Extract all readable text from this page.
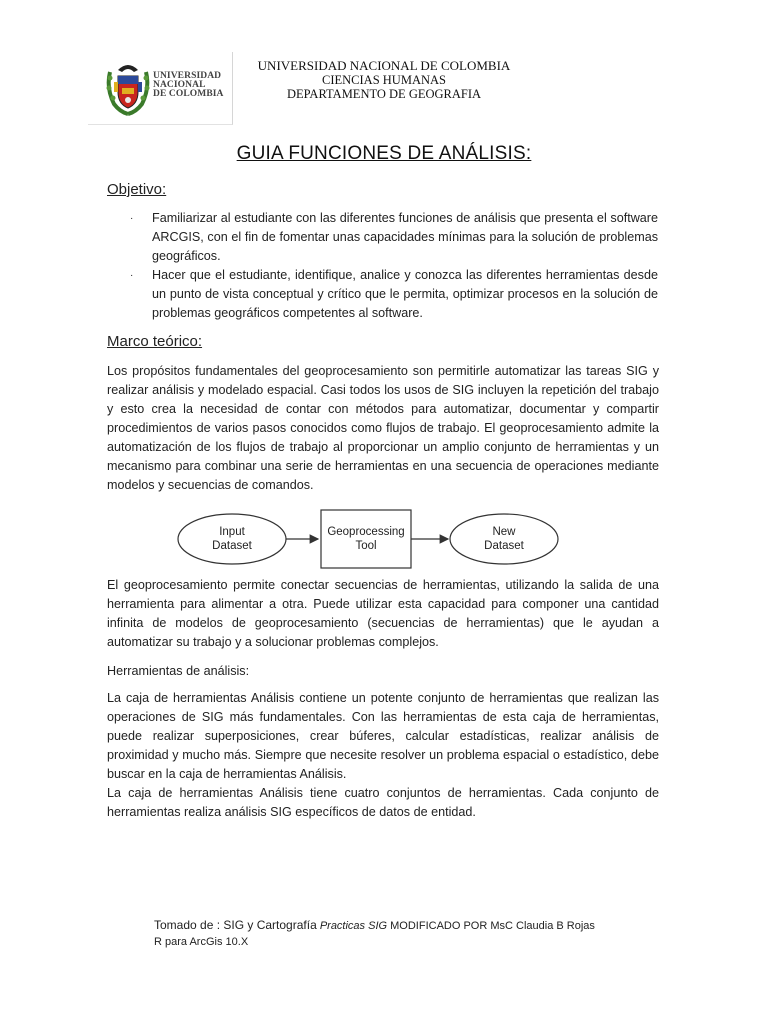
UNIVERSIDAD
NACIONAL
DE COLOMBIA
UNIVERSIDAD NACIONAL DE COLOMBIA
CIENCIAS HUMANAS
DEPARTAMENTO DE GEOGRAFIA
GUIA FUNCIONES DE ANÁLISIS:
Objetivo:
· Familiarizar al estudiante con las diferentes funciones de análisis que presenta el software ARCGIS, con el fin de fomentar unas capacidades mínimas para la solución de problemas geográficos.
· Hacer que el estudiante, identifique, analice y conozca las diferentes herramientas desde un punto de vista conceptual y crítico que le permita, optimizar procesos en la solución de problemas geográficos competentes al software.
Marco teórico:
Los propósitos fundamentales del geoprocesamiento son permitirle automatizar las tareas SIG y realizar análisis y modelado espacial. Casi todos los usos de SIG incluyen la repetición del trabajo y esto crea la necesidad de contar con métodos para automatizar, documentar y compartir procedimientos de varios pasos conocidos como flujos de trabajo. El geoprocesamiento admite la automatización de los flujos de trabajo al proporcionar un amplio conjunto de herramientas y un mecanismo para combinar una serie de herramientas en una secuencia de operaciones mediante modelos y secuencias de comandos.
Input
Dataset
Geoprocessing
Tool
New
Dataset
El geoprocesamiento permite conectar secuencias de herramientas, utilizando la salida de una herramienta para alimentar a otra. Puede utilizar esta capacidad para componer una cantidad infinita de modelos de geoprocesamiento (secuencias de herramientas) que le ayudan a automatizar su trabajo y a solucionar problemas complejos.
Herramientas de análisis:
La caja de herramientas Análisis contiene un potente conjunto de herramientas que realizan las operaciones de SIG más fundamentales. Con las herramientas de esta caja de herramientas, puede realizar superposiciones, crear búferes, calcular estadísticas, realizar análisis de proximidad y mucho más. Siempre que necesite resolver un problema espacial o estadístico, debe buscar en la caja de herramientas Análisis.
La caja de herramientas Análisis tiene cuatro conjuntos de herramientas. Cada conjunto de herramientas realiza análisis SIG específicos de datos de entidad.
Tomado de : SIG y Cartografía Practicas SIG MODIFICADO POR MsC Claudia B Rojas
R para ArcGis 10.X
